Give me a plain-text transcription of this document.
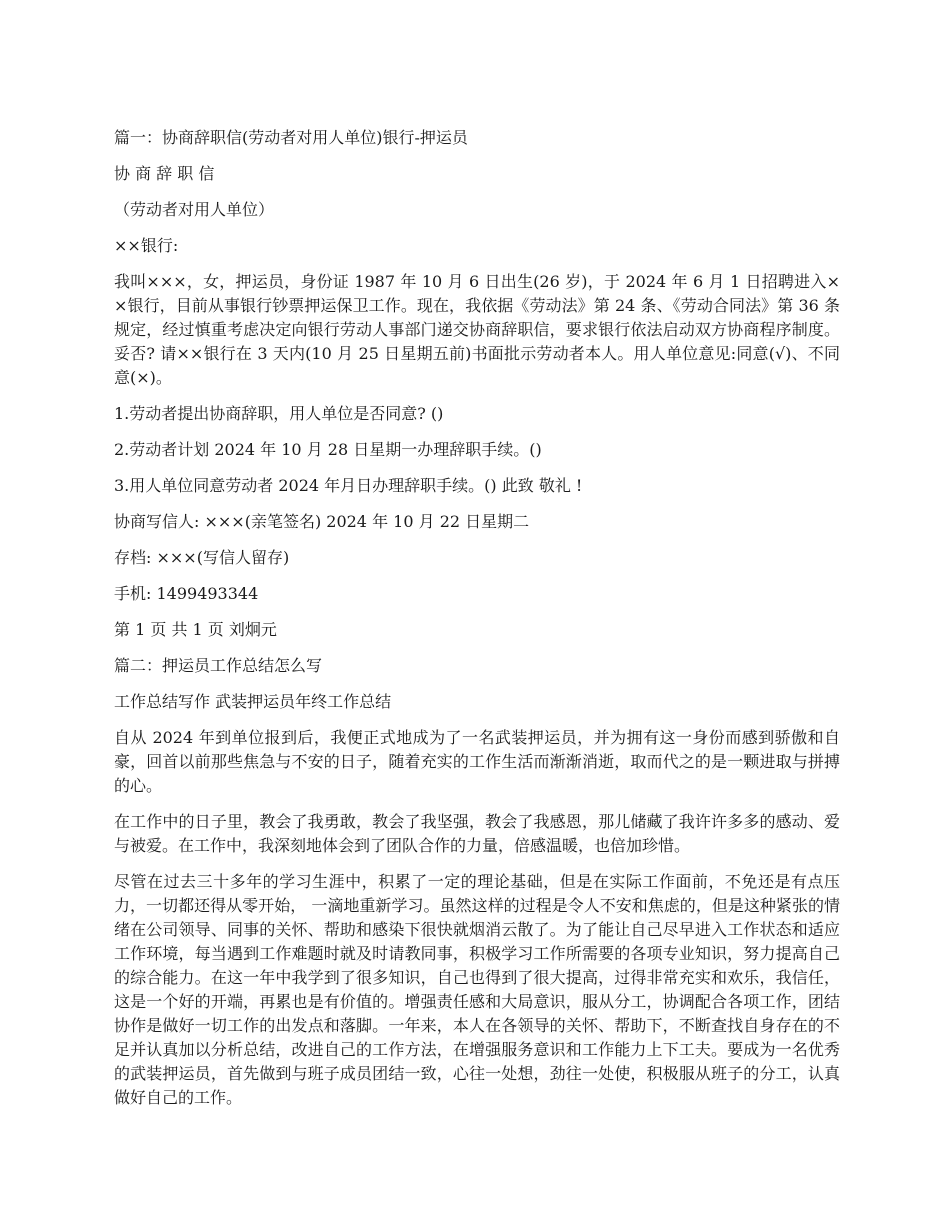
篇一：协商辞职信(劳动者对用人单位)银行-押运员

协 商 辞 职 信

（劳动者对用人单位）

××银行:

我叫×××，女，押运员，身份证 1987 年 10 月 6 日出生(26 岁)，于 2024 年 6 月 1 日招聘进入××银行，目前从事银行钞票押运保卫工作。现在，我依据《劳动法》第 24 条、《劳动合同法》第 36 条规定，经过慎重考虑决定向银行劳动人事部门递交协商辞职信，要求银行依法启动双方协商程序制度。妥否? 请××银行在 3 天内(10 月 25 日星期五前)书面批示劳动者本人。用人单位意见:同意(√)、不同意(×)。

1.劳动者提出协商辞职，用人单位是否同意? ()

2.劳动者计划 2024 年 10 月 28 日星期一办理辞职手续。()

3.用人单位同意劳动者 2024 年月日办理辞职手续。() 此致 敬礼 !

协商写信人: ×××(亲笔签名) 2024 年 10 月 22 日星期二

存档: ×××(写信人留存)

手机: 1499493344

第 1 页 共 1 页 刘炯元

篇二：押运员工作总结怎么写

工作总结写作 武装押运员年终工作总结

自从 2024 年到单位报到后，我便正式地成为了一名武装押运员，并为拥有这一身份而感到骄傲和自豪，回首以前那些焦急与不安的日子，随着充实的工作生活而渐渐消逝，取而代之的是一颗进取与拼搏的心。

在工作中的日子里，教会了我勇敢，教会了我坚强，教会了我感恩，那儿储藏了我许许多多的感动、爱与被爱。在工作中，我深刻地体会到了团队合作的力量，倍感温暖，也倍加珍惜。

尽管在过去三十多年的学习生涯中，积累了一定的理论基础，但是在实际工作面前，不免还是有点压力，一切都还得从零开始， 一滴地重新学习。虽然这样的过程是令人不安和焦虑的，但是这种紧张的情绪在公司领导、同事的关怀、帮助和感染下很快就烟消云散了。为了能让自己尽早进入工作状态和适应工作环境，每当遇到工作难题时就及时请教同事，积极学习工作所需要的各项专业知识，努力提高自己的综合能力。在这一年中我学到了很多知识，自己也得到了很大提高，过得非常充实和欢乐，我信任，这是一个好的开端，再累也是有价值的。增强责任感和大局意识，服从分工，协调配合各项工作，团结协作是做好一切工作的出发点和落脚。一年来，本人在各领导的关怀、帮助下，不断查找自身存在的不足并认真加以分析总结，改进自己的工作方法，在增强服务意识和工作能力上下工夫。要成为一名优秀的武装押运员，首先做到与班子成员团结一致，心往一处想，劲往一处使，积极服从班子的分工，认真做好自己的工作。
